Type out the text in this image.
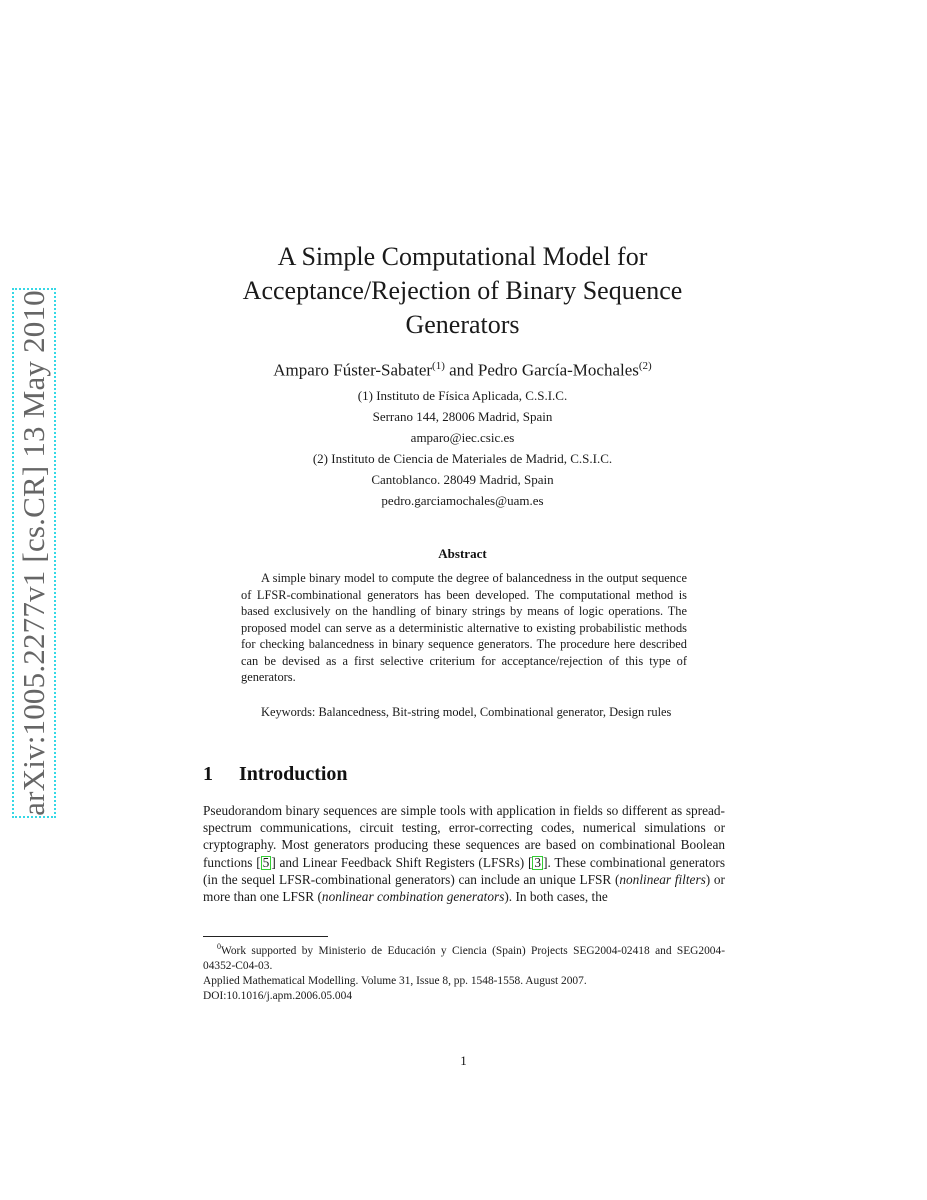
arXiv:1005.2277v1 [cs.CR] 13 May 2010
A Simple Computational Model for
Acceptance/Rejection of Binary Sequence
Generators
Amparo Fúster-Sabater$^{(1)}$ and Pedro García-Mochales$^{(2)}$
(1) Instituto de Física Aplicada, C.S.I.C.
Serrano 144, 28006 Madrid, Spain
amparo@iec.csic.es
(2) Instituto de Ciencia de Materiales de Madrid, C.S.I.C.
Cantoblanco. 28049 Madrid, Spain
pedro.garciamochales@uam.es
Abstract

A simple binary model to compute the degree of balancedness in the output sequence of LFSR-combinational generators has been developed. The computational method is based exclusively on the handling of binary strings by means of logic operations. The proposed model can serve as a deterministic alternative to existing probabilistic methods for checking balancedness in binary sequence generators. The procedure here described can be devised as a first selective criterium for acceptance/rejection of this type of generators.

Keywords: Balancedness, Bit-string model, Combinational generator, Design rules

1 Introduction

Pseudorandom binary sequences are simple tools with application in fields so different as spread-spectrum communications, circuit testing, error-correcting codes, numerical simulations or cryptography. Most generators producing these sequences are based on combinational Boolean functions [ 5 ] and Linear Feedback Shift Registers (LFSRs) [ 3 ]. These combinational generators (in the sequel LFSR-combinational generators) can include an unique LFSR (nonlinear filters) or more than one LFSR (nonlinear combination generators). In both cases, the

$^0$Work supported by Ministerio de Educación y Ciencia (Spain) Projects SEG2004-02418 and SEG2004-04352-C04-03.

Applied Mathematical Modelling. Volume 31, Issue 8, pp. 1548-1558. August 2007.

DOI:10.1016/j.apm.2006.05.004

1
